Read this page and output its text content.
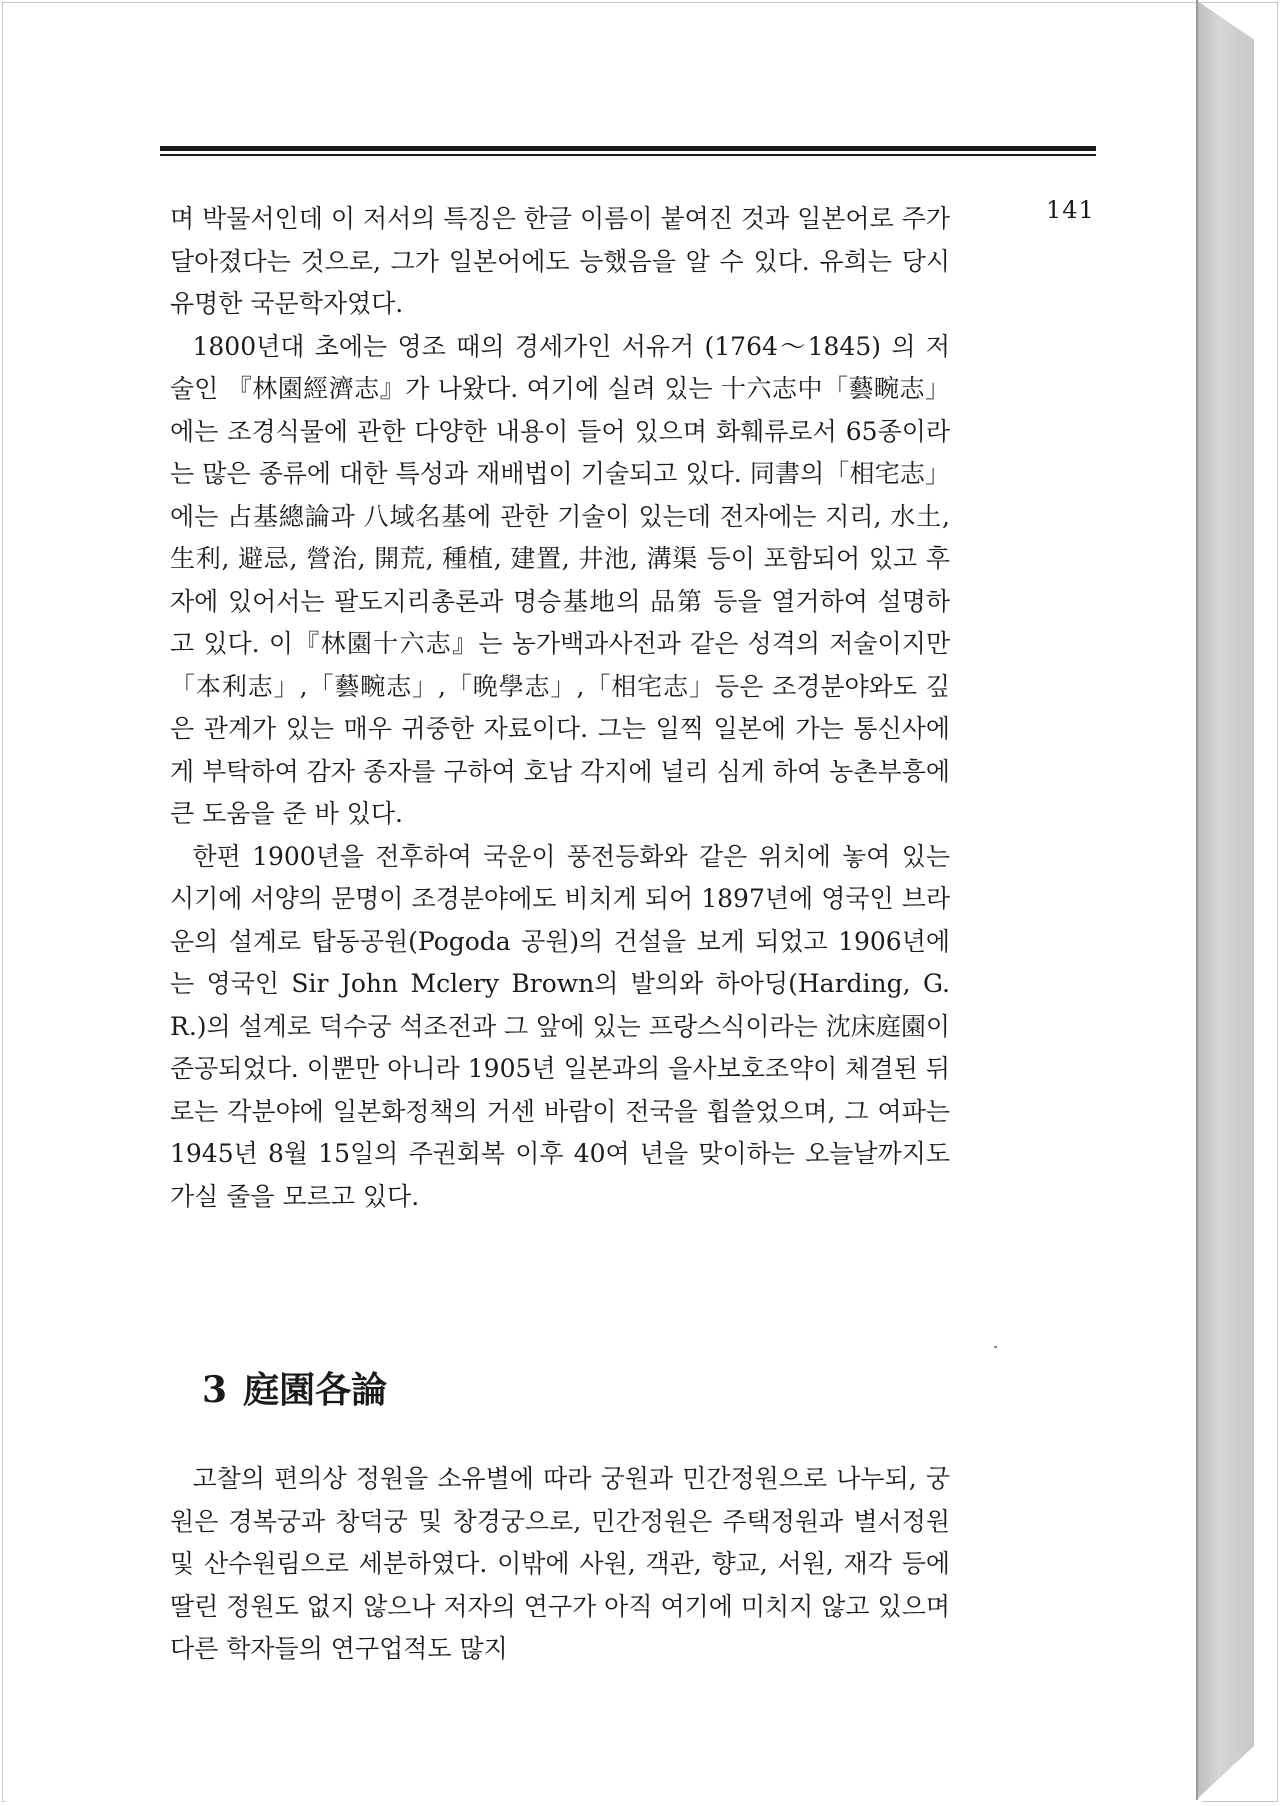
141

며 박물서인데 이 저서의 특징은 한글 이름이 붙여진 것과 일본어로 주가 달아졌다는 것으로, 그가 일본어에도 능했음을 알 수 있다. 유희는 당시 유명한 국문학자였다.

1800년대 초에는 영조 때의 경세가인 서유거 (1764～1845) 의 저술인 『林園經濟志』가 나왔다. 여기에 실려 있는 十六志中「藝畹志」에는 조경식물에 관한 다양한 내용이 들어 있으며 화훼류로서 65종이라는 많은 종류에 대한 특성과 재배법이 기술되고 있다. 同書의「相宅志」에는 占基總論과 八域名基에 관한 기술이 있는데 전자에는 지리, 水土, 生利, 避忌, 營治, 開荒, 種植, 建置, 井池, 溝渠 등이 포함되어 있고 후자에 있어서는 팔도지리총론과 명승基地의 品第 등을 열거하여 설명하고 있다. 이『林園十六志』는 농가백과사전과 같은 성격의 저술이지만「本利志」,「藝畹志」,「晩學志」,「相宅志」등은 조경분야와도 깊은 관계가 있는 매우 귀중한 자료이다. 그는 일찍 일본에 가는 통신사에게 부탁하여 감자 종자를 구하여 호남 각지에 널리 심게 하여 농촌부흥에 큰 도움을 준 바 있다.

한편 1900년을 전후하여 국운이 풍전등화와 같은 위치에 놓여 있는 시기에 서양의 문명이 조경분야에도 비치게 되어 1897년에 영국인 브라운의 설계로 탑동공원(Pogoda 공원)의 건설을 보게 되었고 1906년에는 영국인 Sir John Mclery Brown의 발의와 하아딩(Harding, G. R.)의 설계로 덕수궁 석조전과 그 앞에 있는 프랑스식이라는 沈床庭園이 준공되었다. 이뿐만 아니라 1905년 일본과의 을사보호조약이 체결된 뒤로는 각분야에 일본화정책의 거센 바람이 전국을 휩쓸었으며, 그 여파는 1945년 8월 15일의 주권회복 이후 40여 년을 맞이하는 오늘날까지도 가실 줄을 모르고 있다.

3 庭園各論

고찰의 편의상 정원을 소유별에 따라 궁원과 민간정원으로 나누되, 궁원은 경복궁과 창덕궁 및 창경궁으로, 민간정원은 주택정원과 별서정원 및 산수원림으로 세분하였다. 이밖에 사원, 객관, 향교, 서원, 재각 등에 딸린 정원도 없지 않으나 저자의 연구가 아직 여기에 미치지 않고 있으며 다른 학자들의 연구업적도 많지
